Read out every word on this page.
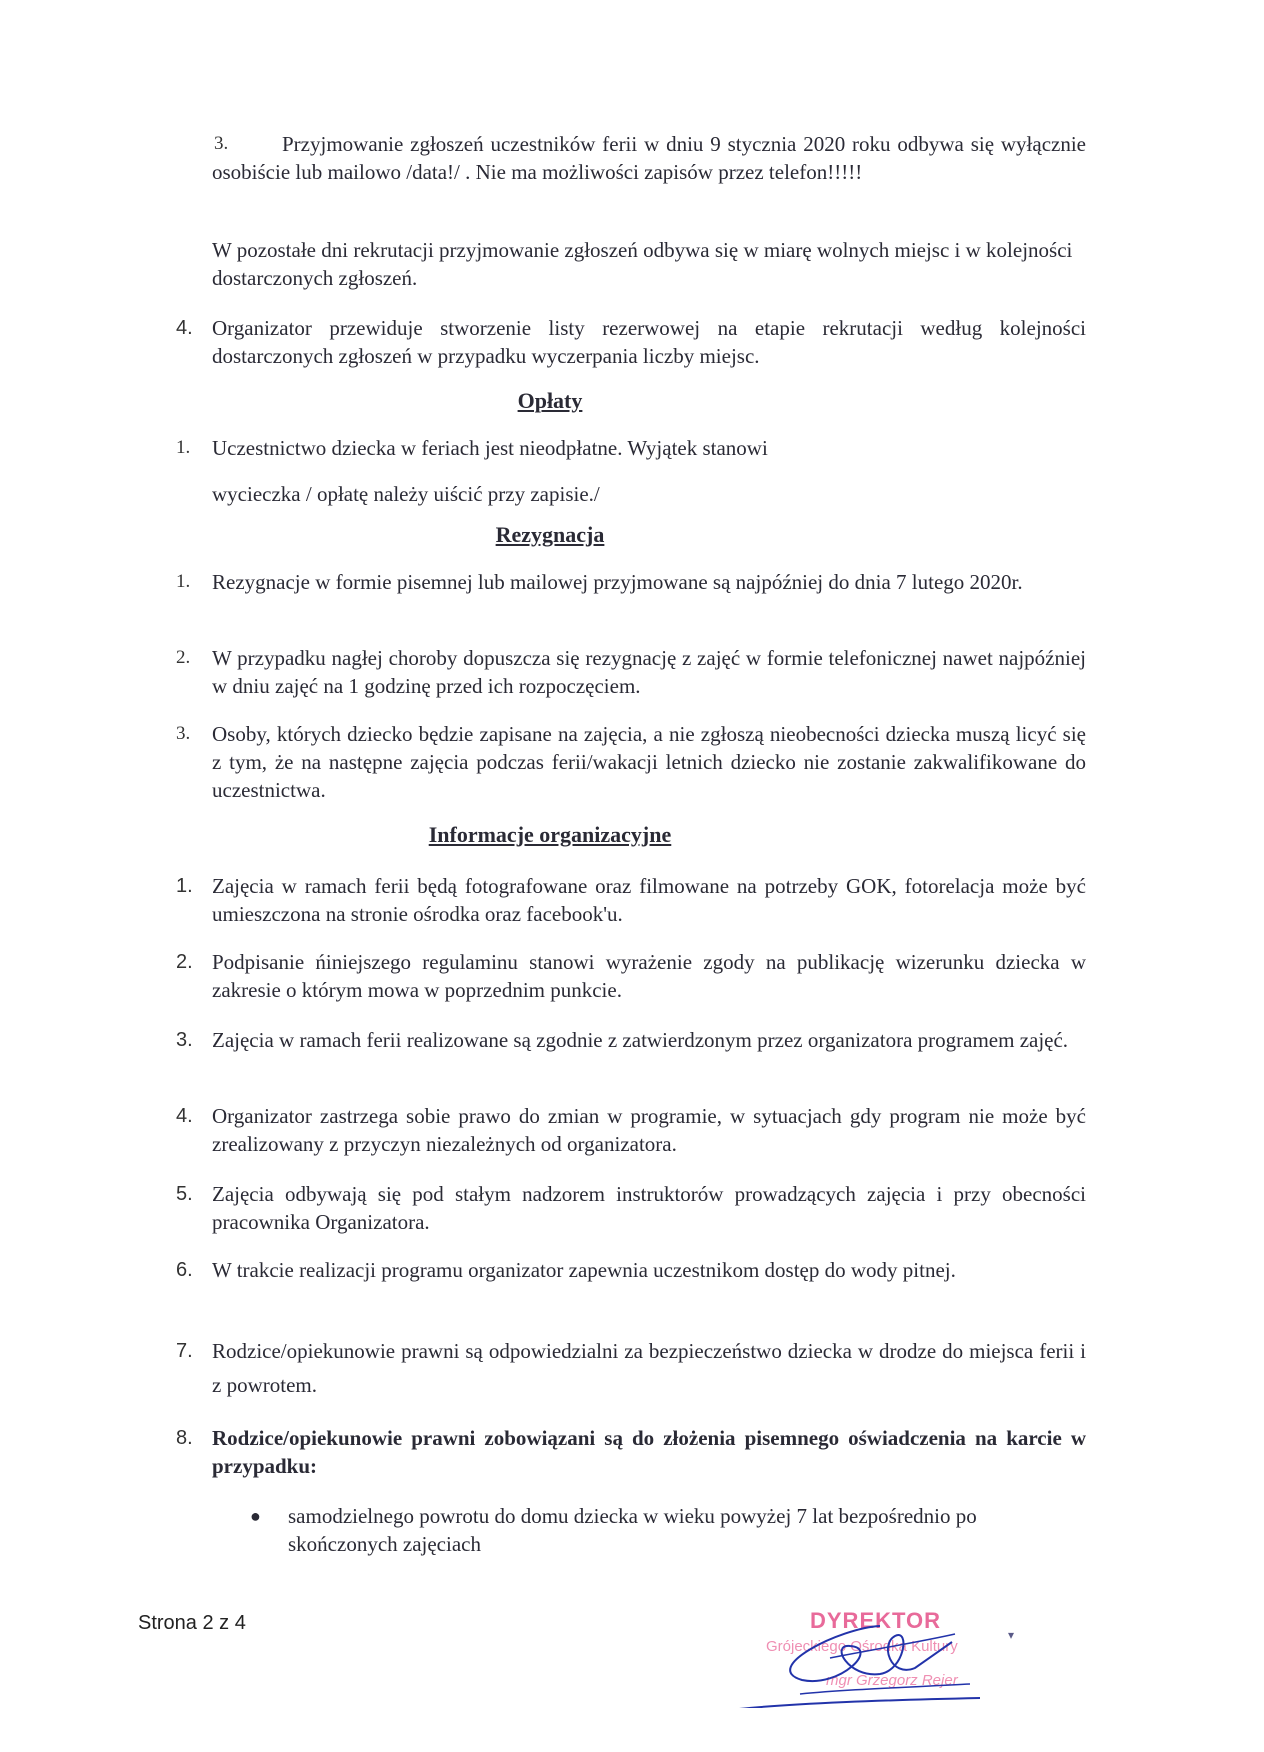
3.	Przyjmowanie zgłoszeń uczestników ferii w dniu 9 stycznia 2020 roku odbywa się wyłącznie osobiście lub mailowo /data!/ . Nie ma możliwości zapisów przez telefon!!!!!
W pozostałe dni rekrutacji przyjmowanie zgłoszeń odbywa się w miarę wolnych miejsc i w kolejności dostarczonych zgłoszeń.
4. Organizator przewiduje stworzenie listy rezerwowej na etapie rekrutacji według kolejności dostarczonych zgłoszeń w przypadku wyczerpania liczby miejsc.
Opłaty
1.	Uczestnictwo dziecka w feriach jest nieodpłatne. Wyjątek stanowi
wycieczka / opłatę należy uiścić przy zapisie./
Rezygnacja
1.	Rezygnacje w formie pisemnej lub mailowej przyjmowane są najpóźniej do dnia 7 lutego 2020r.
2.	W przypadku nagłej choroby dopuszcza się rezygnację z zajęć w formie telefonicznej nawet najpóźniej w dniu zajęć na 1 godzinę przed ich rozpoczęciem.
3.	Osoby, których dziecko będzie zapisane na zajęcia, a nie zgłoszą nieobecności dziecka muszą licyć się z tym, że na następne zajęcia podczas ferii/wakacji letnich dziecko nie zostanie zakwalifikowane do uczestnictwa.
Informacje organizacyjne
1. Zajęcia w ramach ferii będą fotografowane oraz filmowane na potrzeby GOK, fotorelacja może być umieszczona na stronie ośrodka oraz facebook'u.
2. Podpisanie ńiniejszego regulaminu stanowi wyrażenie zgody na publikację wizerunku dziecka w zakresie o którym mowa w poprzednim punkcie.
3. Zajęcia w ramach ferii realizowane są zgodnie z zatwierdzonym przez organizatora programem zajęć.
4. Organizator zastrzega sobie prawo do zmian w programie, w sytuacjach gdy program nie może być zrealizowany z przyczyn niezależnych od organizatora.
5. Zajęcia odbywają się pod stałym nadzorem instruktorów prowadzących zajęcia i przy obecności pracownika Organizatora.
6. W trakcie realizacji programu organizator zapewnia uczestnikom dostęp do wody pitnej.
7. Rodzice/opiekunowie prawni są odpowiedzialni za bezpieczeństwo dziecka w drodze do miejsca ferii i z powrotem.
8. Rodzice/opiekunowie prawni zobowiązani są do złożenia pisemnego oświadczenia na karcie w przypadku:
● samodzielnego powrotu do domu dziecka w wieku powyżej 7 lat bezpośrednio po skończonych zajęciach
Strona 2 z 4	DYREKTOR
Grójeckiego Ośrodka Kultury
mgr Grzegorz Rejer
▾
